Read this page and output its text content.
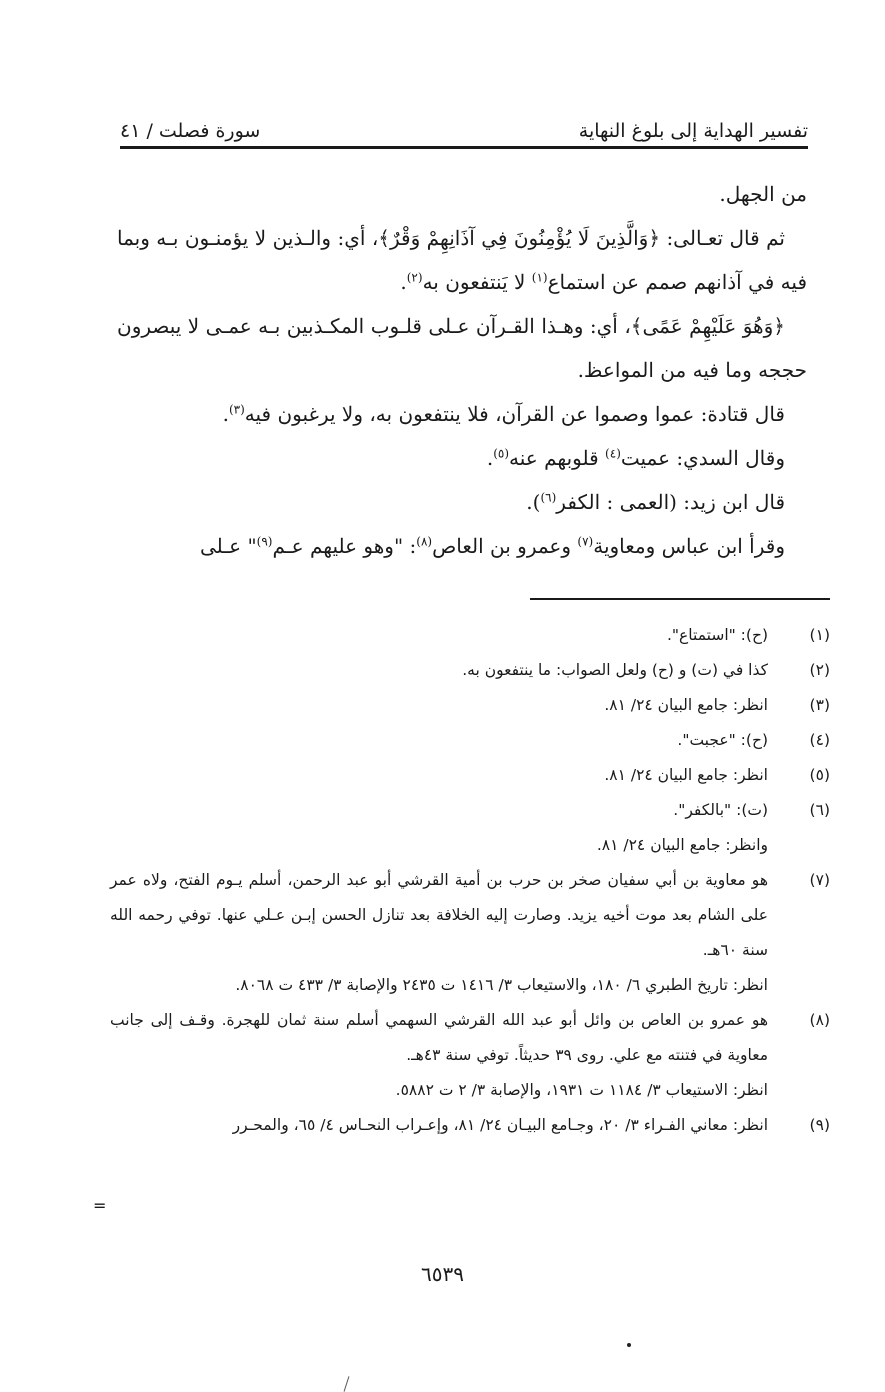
تفسير الهداية إلى بلوغ النهاية
سورة فصلت / ٤١

من الجهل.

ثم قال تعـالى: ﴿وَالَّذِينَ لَا يُؤْمِنُونَ فِي آذَانِهِمْ وَقْرٌ﴾، أي: والـذين لا يؤمنـون بـه وبما فيه في آذانهم صمم عن استماع$^{(١)}$ لا يَنتفعون به$^{(٢)}$.

﴿وَهُوَ عَلَيْهِمْ عَمًى﴾، أي: وهـذا القـرآن عـلى قلـوب المكـذبين بـه عمـى لا يبصرون حججه وما فيه من المواعظ.

قال قتادة: عموا وصموا عن القرآن، فلا ينتفعون به، ولا يرغبون فيه$^{(٣)}$.

وقال السدي: عميت$^{(٤)}$ قلوبهم عنه$^{(٥)}$.

قال ابن زيد: (العمى : الكفر$^{(٦)}$).

وقرأ ابن عباس ومعاوية$^{(٧)}$ وعمرو بن العاص$^{(٨)}$: "وهو عليهم عـم$^{(٩)}$" عـلى

(١)
(ح): "استمتاع".
(٢)
كذا في (ت) و (ح) ولعل الصواب: ما ينتفعون به.
(٣)
انظر: جامع البيان ٢٤/ ٨١.
(٤)
(ح): "عجبت".
(٥)
انظر: جامع البيان ٢٤/ ٨١.
(٦)
(ت): "بالكفر".
وانظر: جامع البيان ٢٤/ ٨١.
(٧)
هو معاوية بن أبي سفيان صخر بن حرب بن أمية القرشي أبو عبد الرحمن، أسلم يـوم الفتح، ولاه عمر على الشام بعد موت أخيه يزيد. وصارت إليه الخلافة بعد تنازل الحسن إبـن عـلي عنها. توفي رحمه الله سنة ٦٠هـ.
انظر: تاريخ الطبري ٦/ ١٨٠، والاستيعاب ٣/ ١٤١٦ ت ٢٤٣٥ والإصابة ٣/ ٤٣٣ ت ٨٠٦٨.
(٨)
هو عمرو بن العاص بن وائل أبو عبد الله القرشي السهمي أسلم سنة ثمان للهجرة. وقـف إلى جانب معاوية في فتنته مع علي. روى ٣٩ حديثاً. توفي سنة ٤٣هـ.
انظر: الاستيعاب ٣/ ١١٨٤ ت ١٩٣١، والإصابة ٣/ ٢ ت ٥٨٨٢.
(٩)
انظر: معاني الفـراء ٣/ ٢٠، وجـامع البيـان ٢٤/ ٨١، وإعـراب النحـاس ٤/ ٦٥، والمحـرر
=
٦٥٣٩
